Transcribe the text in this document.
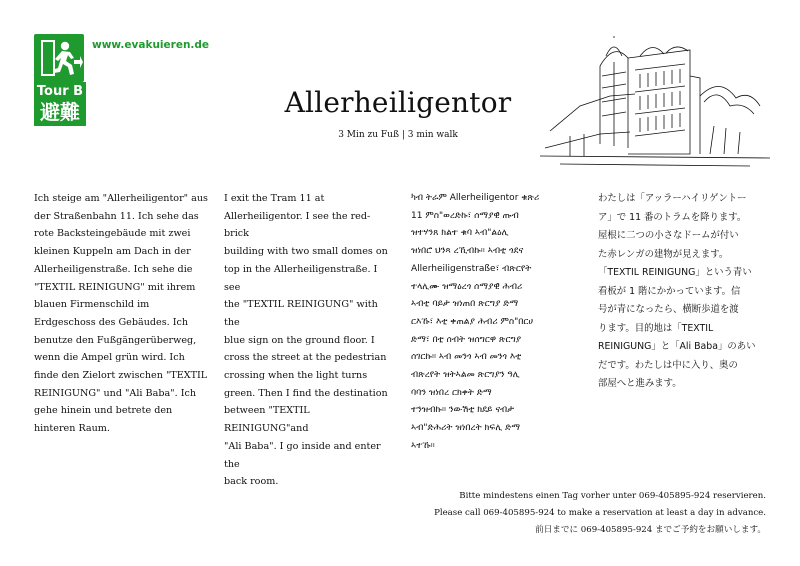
Tour B
避難
www.evakuieren.de
Allerheiligentor
3 Min zu Fuß | 3 min walk

Ich steige am "Allerheiligentor" aus
der Straßenbahn 11. Ich sehe das
rote Backsteingebäude mit zwei
kleinen Kuppeln am Dach in der
Allerheiligenstraße. Ich sehe die
"TEXTIL REINIGUNG" mit ihrem
blauen Firmenschild im
Erdgeschoss des Gebäudes. Ich
benutze den Fußgängerüberweg,
wenn die Ampel grün wird. Ich
finde den Zielort zwischen "TEXTIL
REINIGUNG" und "Ali Baba". Ich
gehe hinein und betrete den
hinteren Raum.

I exit the Tram 11 at
Allerheiligentor. I see the red-brick
building with two small domes on
top in the Allerheiligenstraße. I see
the "TEXTIL REINIGUNG" with the
blue sign on the ground floor. I
cross the street at the pedestrian
crossing when the light turns
green. Then I find the destination
between "TEXTIL REINIGUNG"and
"Ali Baba". I go inside and enter the
back room.

ካብ ትራም Allerheiligentor ቁጽሪ
11 ምስ"ወረድኩ፣ ሰማያዊ ጡብ
ዝተሃንጸ ክልተ ቁባ ኣብ"ልዕሊ
ዝነበሮ ህንጻ ረኺብኩ። ኣብቲ ጎደና
Allerheiligenstraße፣ ብጽርየት
ተላሊሙ ዝማዕረጎ ሰማያዊ ሕብሪ
ኣብቲ ባይታ ዝነጠበ ጽርግያ ድማ
ርእኹ፣ እቲ ቀጠልያ ሕብሪ ምስ"በርሀ
ድማ፣ በቲ ሰብት ዝሰግርዋ ጽርግያ
ሰገርኩ። ኣብ መንጎ ኣብ መንጎ እቲ
ብጽረየት ዝትኣልመ ጽርግያን ዓሊ
ባባን ዝነበረ ርክቀት ድማ
ተንዝብኩ። ንውሽቲ ክደይ ናብታ
ኣብ"ድሕሪት ዝነበረት ክፍሊ ድማ
ኣተኹ።

わたしは「アッラーハイリゲントー
ア」で 11 番のトラムを降ります。
屋根に二つの小さなドームが付い
た赤レンガの建物が見えます。
「TEXTIL REINIGUNG」という青い
看板が 1 階にかかっています。信
号が青になったら、横断歩道を渡
ります。目的地は「TEXTIL
REINIGUNG」と「Ali Baba」のあい
だです。わたしは中に入り、奥の
部屋へと進みます。

Bitte mindestens einen Tag vorher unter 069-405895-924 reservieren.
Please call 069-405895-924 to make a reservation at least a day in advance.
前日までに 069-405895-924 までご予約をお願いします。
